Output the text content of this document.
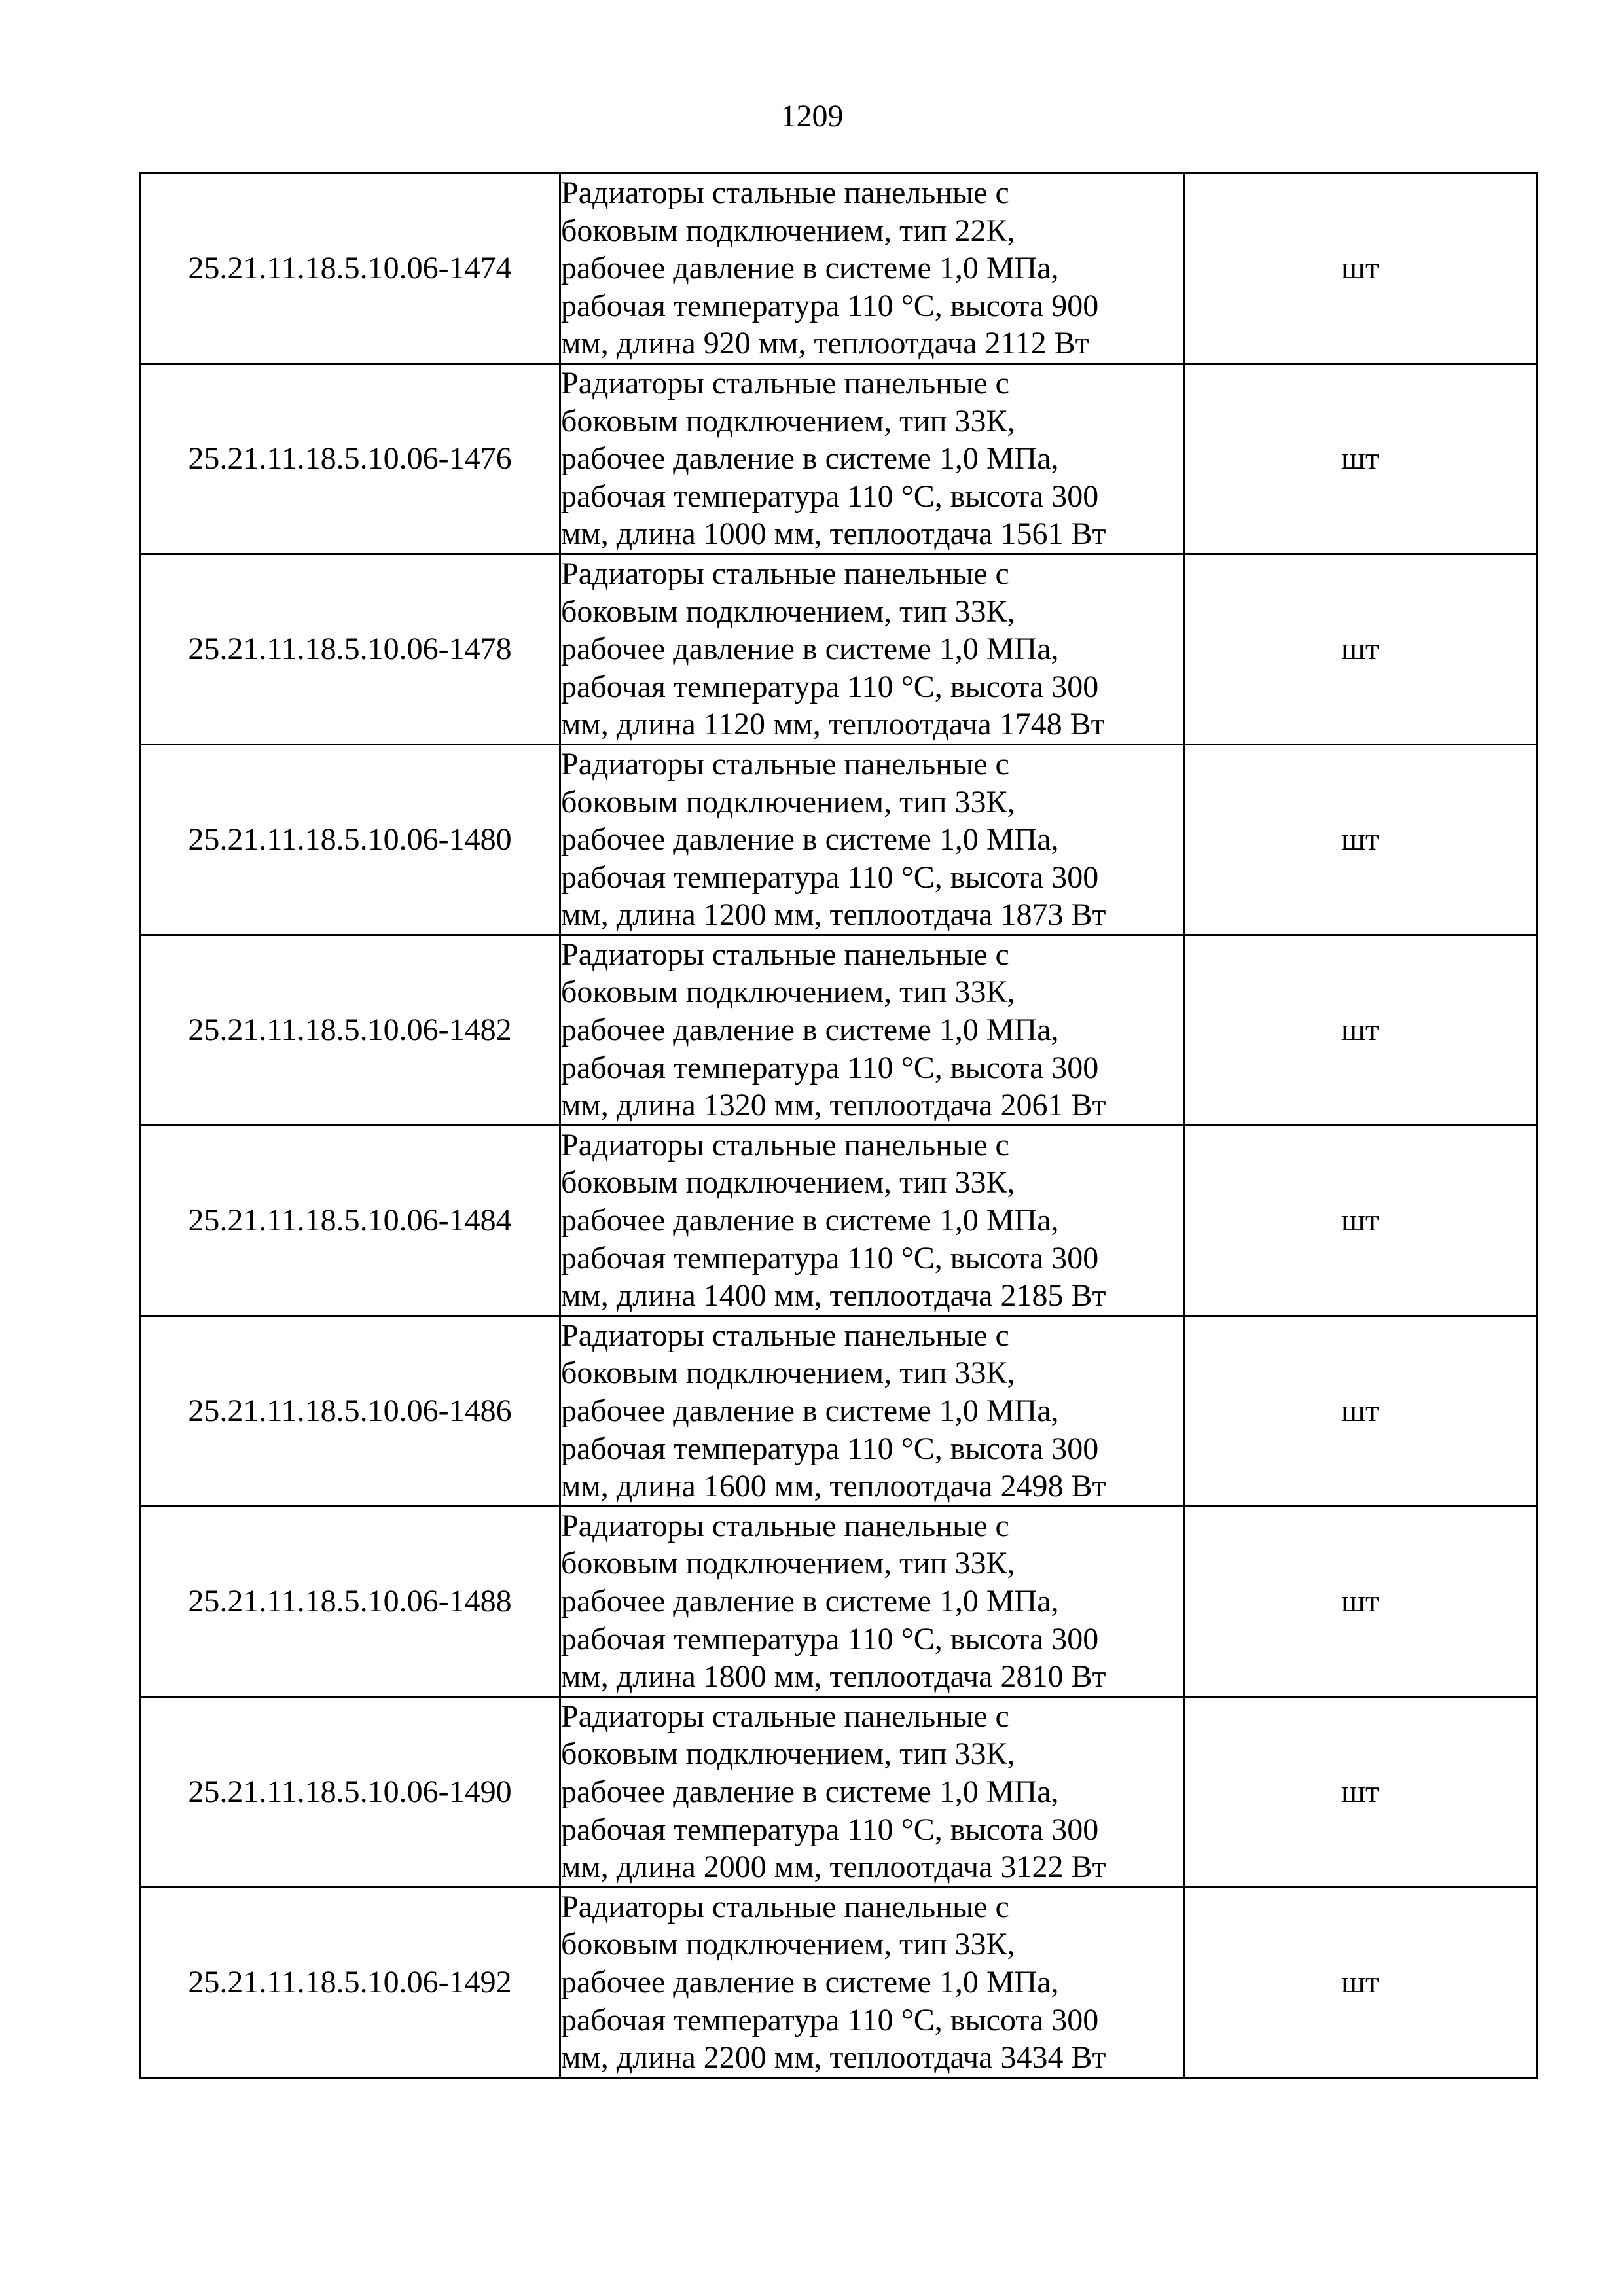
1209
25.21.11.18.5.10.06-1474	Радиаторы стальные панельные с
боковым подключением, тип 22К,
рабочее давление в системе 1,0 МПа,
рабочая температура 110 °С, высота 900
мм, длина 920 мм, теплоотдача 2112 Вт	шт
25.21.11.18.5.10.06-1476	Радиаторы стальные панельные с
боковым подключением, тип 33К,
рабочее давление в системе 1,0 МПа,
рабочая температура 110 °С, высота 300
мм, длина 1000 мм, теплоотдача 1561 Вт	шт
25.21.11.18.5.10.06-1478	Радиаторы стальные панельные с
боковым подключением, тип 33К,
рабочее давление в системе 1,0 МПа,
рабочая температура 110 °С, высота 300
мм, длина 1120 мм, теплоотдача 1748 Вт	шт
25.21.11.18.5.10.06-1480	Радиаторы стальные панельные с
боковым подключением, тип 33К,
рабочее давление в системе 1,0 МПа,
рабочая температура 110 °С, высота 300
мм, длина 1200 мм, теплоотдача 1873 Вт	шт
25.21.11.18.5.10.06-1482	Радиаторы стальные панельные с
боковым подключением, тип 33К,
рабочее давление в системе 1,0 МПа,
рабочая температура 110 °С, высота 300
мм, длина 1320 мм, теплоотдача 2061 Вт	шт
25.21.11.18.5.10.06-1484	Радиаторы стальные панельные с
боковым подключением, тип 33К,
рабочее давление в системе 1,0 МПа,
рабочая температура 110 °С, высота 300
мм, длина 1400 мм, теплоотдача 2185 Вт	шт
25.21.11.18.5.10.06-1486	Радиаторы стальные панельные с
боковым подключением, тип 33К,
рабочее давление в системе 1,0 МПа,
рабочая температура 110 °С, высота 300
мм, длина 1600 мм, теплоотдача 2498 Вт	шт
25.21.11.18.5.10.06-1488	Радиаторы стальные панельные с
боковым подключением, тип 33К,
рабочее давление в системе 1,0 МПа,
рабочая температура 110 °С, высота 300
мм, длина 1800 мм, теплоотдача 2810 Вт	шт
25.21.11.18.5.10.06-1490	Радиаторы стальные панельные с
боковым подключением, тип 33К,
рабочее давление в системе 1,0 МПа,
рабочая температура 110 °С, высота 300
мм, длина 2000 мм, теплоотдача 3122 Вт	шт
25.21.11.18.5.10.06-1492	Радиаторы стальные панельные с
боковым подключением, тип 33К,
рабочее давление в системе 1,0 МПа,
рабочая температура 110 °С, высота 300
мм, длина 2200 мм, теплоотдача 3434 Вт	шт
